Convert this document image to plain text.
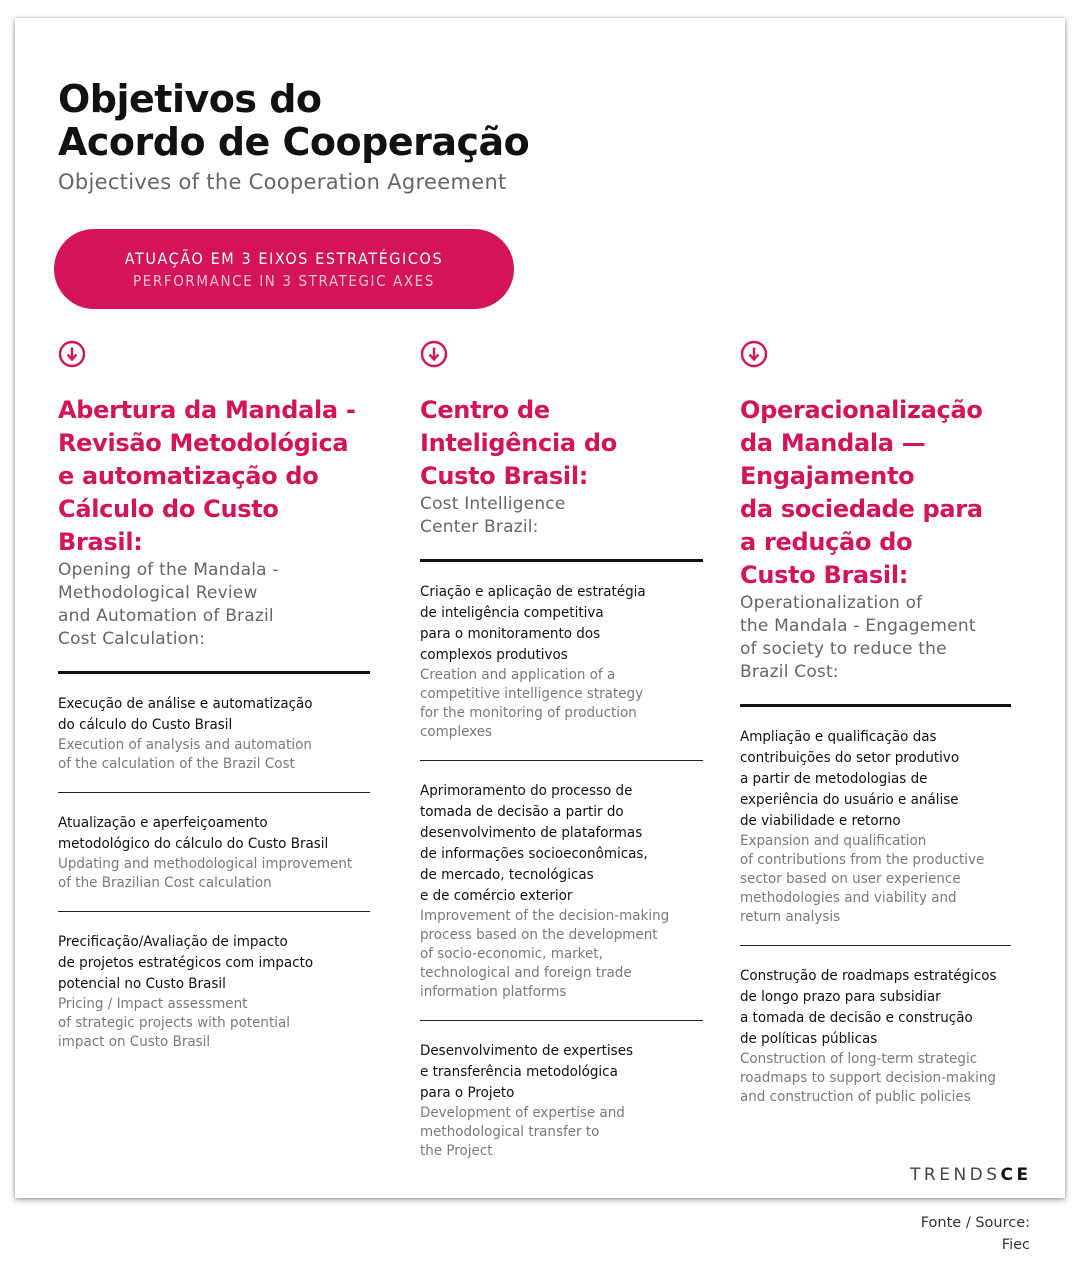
Objetivos do
Acordo de Cooperação
Objectives of the Cooperation Agreement
ATUAÇÃO EM 3 EIXOS ESTRATÉGICOS
PERFORMANCE IN 3 STRATEGIC AXES
Abertura da Mandala -
Revisão Metodológica
e automatização do
Cálculo do Custo Brasil:
Opening of the Mandala -
Methodological Review
and Automation of Brazil
Cost Calculation:
Execução de análise e automatização
do cálculo do Custo Brasil
Execution of analysis and automation
of the calculation of the Brazil Cost
Atualização e aperfeiçoamento
metodológico do cálculo do Custo Brasil
Updating and methodological improvement
of the Brazilian Cost calculation
Precificação/Avaliação de impacto
de projetos estratégicos com impacto
potencial no Custo Brasil
Pricing / Impact assessment
of strategic projects with potential
impact on Custo Brasil
Centro de
Inteligência do
Custo Brasil:
Cost Intelligence
Center Brazil:
Criação e aplicação de estratégia
de inteligência competitiva
para o monitoramento dos
complexos produtivos
Creation and application of a
competitive intelligence strategy
for the monitoring of production
complexes
Aprimoramento do processo de
tomada de decisão a partir do
desenvolvimento de plataformas
de informações socioeconômicas,
de mercado, tecnológicas
e de comércio exterior
Improvement of the decision-making
process based on the development
of socio-economic, market,
technological and foreign trade
information platforms
Desenvolvimento de expertises
e transferência metodológica
para o Projeto
Development of expertise and
methodological transfer to
the Project
Operacionalização
da Mandala —
Engajamento
da sociedade para
a redução do
Custo Brasil:
Operationalization of
the Mandala - Engagement
of society to reduce the
Brazil Cost:
Ampliação e qualificação das
contribuições do setor produtivo
a partir de metodologias de
experiência do usuário e análise
de viabilidade e retorno
Expansion and qualification
of contributions from the productive
sector based on user experience
methodologies and viability and
return analysis
Construção de roadmaps estratégicos
de longo prazo para subsidiar
a tomada de decisão e construção
de políticas públicas
Construction of long-term strategic
roadmaps to support decision-making
and construction of public policies
TRENDSCE
Fonte / Source:
Fiec
